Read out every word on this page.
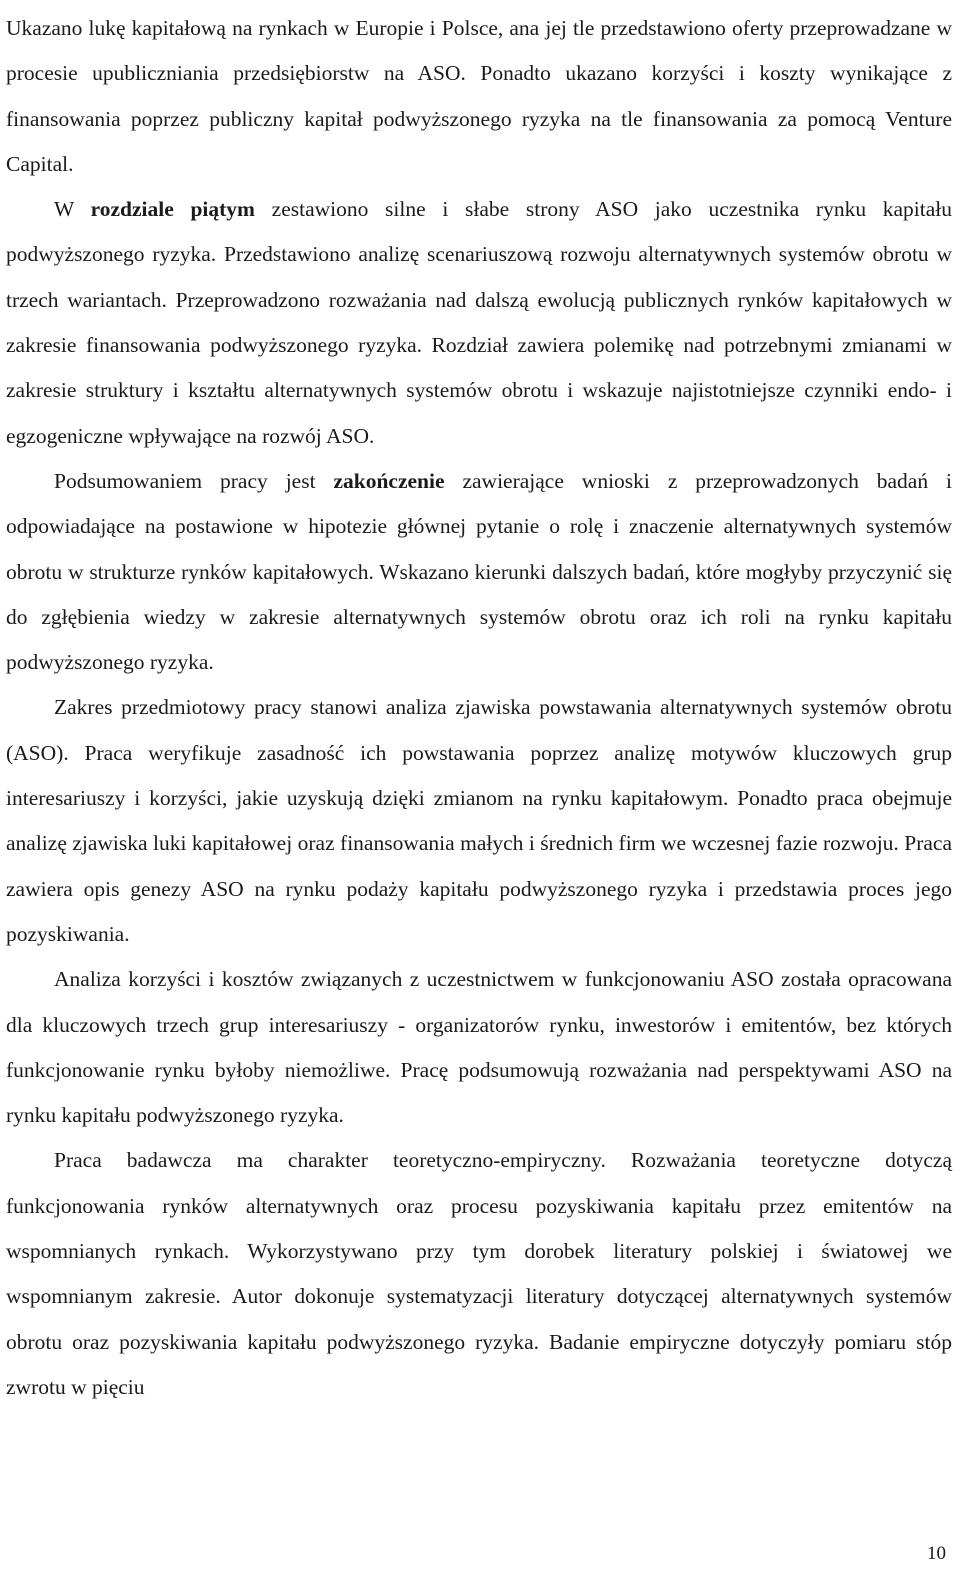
Ukazano lukę kapitałową na rynkach w Europie i Polsce, ana jej tle przedstawiono oferty przeprowadzane w procesie upubliczniania przedsiębiorstw na ASO. Ponadto ukazano korzyści i koszty wynikające z finansowania poprzez publiczny kapitał podwyższonego ryzyka na tle finansowania za pomocą Venture Capital.

W rozdziale piątym zestawiono silne i słabe strony ASO jako uczestnika rynku kapitału podwyższonego ryzyka. Przedstawiono analizę scenariuszową rozwoju alternatywnych systemów obrotu w trzech wariantach. Przeprowadzono rozważania nad dalszą ewolucją publicznych rynków kapitałowych w zakresie finansowania podwyższonego ryzyka. Rozdział zawiera polemikę nad potrzebnymi zmianami w zakresie struktury i kształtu alternatywnych systemów obrotu i wskazuje najistotniejsze czynniki endo- i egzogeniczne wpływające na rozwój ASO.

Podsumowaniem pracy jest zakończenie zawierające wnioski z przeprowadzonych badań i odpowiadające na postawione w hipotezie głównej pytanie o rolę i znaczenie alternatywnych systemów obrotu w strukturze rynków kapitałowych. Wskazano kierunki dalszych badań, które mogłyby przyczynić się do zgłębienia wiedzy w zakresie alternatywnych systemów obrotu oraz ich roli na rynku kapitału podwyższonego ryzyka.

Zakres przedmiotowy pracy stanowi analiza zjawiska powstawania alternatywnych systemów obrotu (ASO). Praca weryfikuje zasadność ich powstawania poprzez analizę motywów kluczowych grup interesariuszy i korzyści, jakie uzyskują dzięki zmianom na rynku kapitałowym. Ponadto praca obejmuje analizę zjawiska luki kapitałowej oraz finansowania małych i średnich firm we wczesnej fazie rozwoju. Praca zawiera opis genezy ASO na rynku podaży kapitału podwyższonego ryzyka i przedstawia proces jego pozyskiwania.

Analiza korzyści i kosztów związanych z uczestnictwem w funkcjonowaniu ASO została opracowana dla kluczowych trzech grup interesariuszy - organizatorów rynku, inwestorów i emitentów, bez których funkcjonowanie rynku byłoby niemożliwe. Pracę podsumowują rozważania nad perspektywami ASO na rynku kapitału podwyższonego ryzyka.

Praca badawcza ma charakter teoretyczno-empiryczny. Rozważania teoretyczne dotyczą funkcjonowania rynków alternatywnych oraz procesu pozyskiwania kapitału przez emitentów na wspomnianych rynkach. Wykorzystywano przy tym dorobek literatury polskiej i światowej we wspomnianym zakresie. Autor dokonuje systematyzacji literatury dotyczącej alternatywnych systemów obrotu oraz pozyskiwania kapitału podwyższonego ryzyka. Badanie empiryczne dotyczyły pomiaru stóp zwrotu w pięciu

10
